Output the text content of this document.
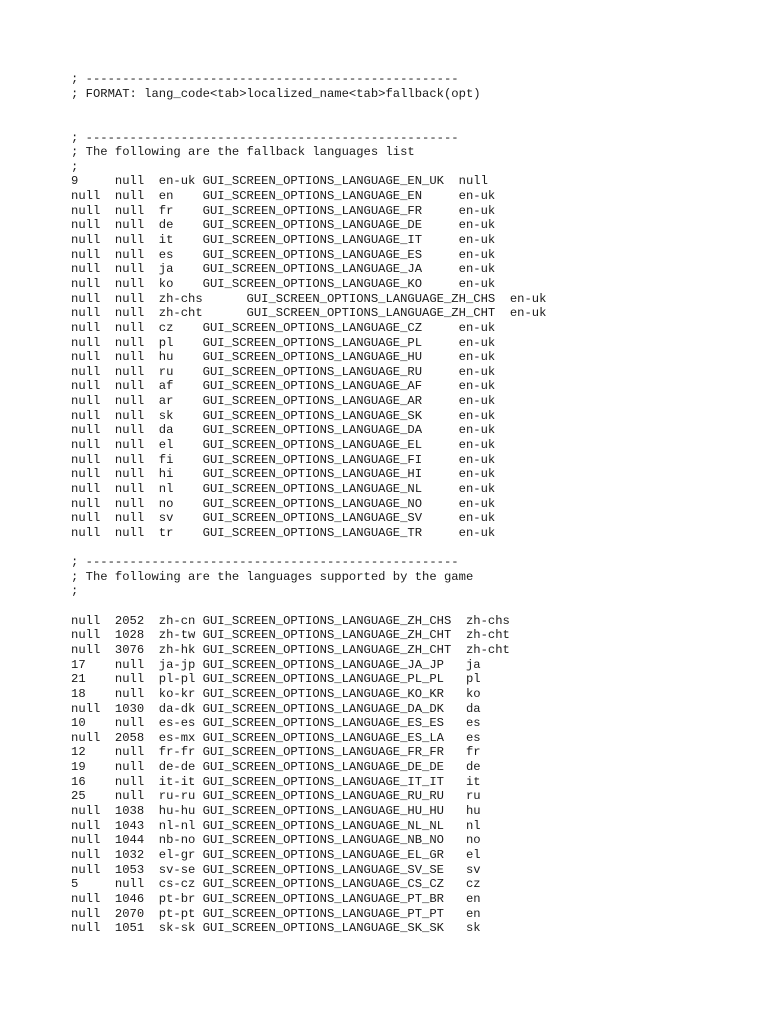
; ---------------------------------------------------
; FORMAT: lang_code<tab>localized_name<tab>fallback(opt)
; ---------------------------------------------------
; The following are the fallback languages list
;
9     null  en-uk GUI_SCREEN_OPTIONS_LANGUAGE_EN_UK  null
null  null  en    GUI_SCREEN_OPTIONS_LANGUAGE_EN     en-uk
null  null  fr    GUI_SCREEN_OPTIONS_LANGUAGE_FR     en-uk
null  null  de    GUI_SCREEN_OPTIONS_LANGUAGE_DE     en-uk
null  null  it    GUI_SCREEN_OPTIONS_LANGUAGE_IT     en-uk
null  null  es    GUI_SCREEN_OPTIONS_LANGUAGE_ES     en-uk
null  null  ja    GUI_SCREEN_OPTIONS_LANGUAGE_JA     en-uk
null  null  ko    GUI_SCREEN_OPTIONS_LANGUAGE_KO     en-uk
null  null  zh-chs      GUI_SCREEN_OPTIONS_LANGUAGE_ZH_CHS  en-uk
null  null  zh-cht      GUI_SCREEN_OPTIONS_LANGUAGE_ZH_CHT  en-uk
null  null  cz    GUI_SCREEN_OPTIONS_LANGUAGE_CZ     en-uk
null  null  pl    GUI_SCREEN_OPTIONS_LANGUAGE_PL     en-uk
null  null  hu    GUI_SCREEN_OPTIONS_LANGUAGE_HU     en-uk
null  null  ru    GUI_SCREEN_OPTIONS_LANGUAGE_RU     en-uk
null  null  af    GUI_SCREEN_OPTIONS_LANGUAGE_AF     en-uk
null  null  ar    GUI_SCREEN_OPTIONS_LANGUAGE_AR     en-uk
null  null  sk    GUI_SCREEN_OPTIONS_LANGUAGE_SK     en-uk
null  null  da    GUI_SCREEN_OPTIONS_LANGUAGE_DA     en-uk
null  null  el    GUI_SCREEN_OPTIONS_LANGUAGE_EL     en-uk
null  null  fi    GUI_SCREEN_OPTIONS_LANGUAGE_FI     en-uk
null  null  hi    GUI_SCREEN_OPTIONS_LANGUAGE_HI     en-uk
null  null  nl    GUI_SCREEN_OPTIONS_LANGUAGE_NL     en-uk
null  null  no    GUI_SCREEN_OPTIONS_LANGUAGE_NO     en-uk
null  null  sv    GUI_SCREEN_OPTIONS_LANGUAGE_SV     en-uk
null  null  tr    GUI_SCREEN_OPTIONS_LANGUAGE_TR     en-uk
; ---------------------------------------------------
; The following are the languages supported by the game
;
null  2052  zh-cn GUI_SCREEN_OPTIONS_LANGUAGE_ZH_CHS  zh-chs
null  1028  zh-tw GUI_SCREEN_OPTIONS_LANGUAGE_ZH_CHT  zh-cht
null  3076  zh-hk GUI_SCREEN_OPTIONS_LANGUAGE_ZH_CHT  zh-cht
17    null  ja-jp GUI_SCREEN_OPTIONS_LANGUAGE_JA_JP   ja
21    null  pl-pl GUI_SCREEN_OPTIONS_LANGUAGE_PL_PL   pl
18    null  ko-kr GUI_SCREEN_OPTIONS_LANGUAGE_KO_KR   ko
null  1030  da-dk GUI_SCREEN_OPTIONS_LANGUAGE_DA_DK   da
10    null  es-es GUI_SCREEN_OPTIONS_LANGUAGE_ES_ES   es
null  2058  es-mx GUI_SCREEN_OPTIONS_LANGUAGE_ES_LA   es
12    null  fr-fr GUI_SCREEN_OPTIONS_LANGUAGE_FR_FR   fr
19    null  de-de GUI_SCREEN_OPTIONS_LANGUAGE_DE_DE   de
16    null  it-it GUI_SCREEN_OPTIONS_LANGUAGE_IT_IT   it
25    null  ru-ru GUI_SCREEN_OPTIONS_LANGUAGE_RU_RU   ru
null  1038  hu-hu GUI_SCREEN_OPTIONS_LANGUAGE_HU_HU   hu
null  1043  nl-nl GUI_SCREEN_OPTIONS_LANGUAGE_NL_NL   nl
null  1044  nb-no GUI_SCREEN_OPTIONS_LANGUAGE_NB_NO   no
null  1032  el-gr GUI_SCREEN_OPTIONS_LANGUAGE_EL_GR   el
null  1053  sv-se GUI_SCREEN_OPTIONS_LANGUAGE_SV_SE   sv
5     null  cs-cz GUI_SCREEN_OPTIONS_LANGUAGE_CS_CZ   cz
null  1046  pt-br GUI_SCREEN_OPTIONS_LANGUAGE_PT_BR   en
null  2070  pt-pt GUI_SCREEN_OPTIONS_LANGUAGE_PT_PT   en
null  1051  sk-sk GUI_SCREEN_OPTIONS_LANGUAGE_SK_SK   sk
